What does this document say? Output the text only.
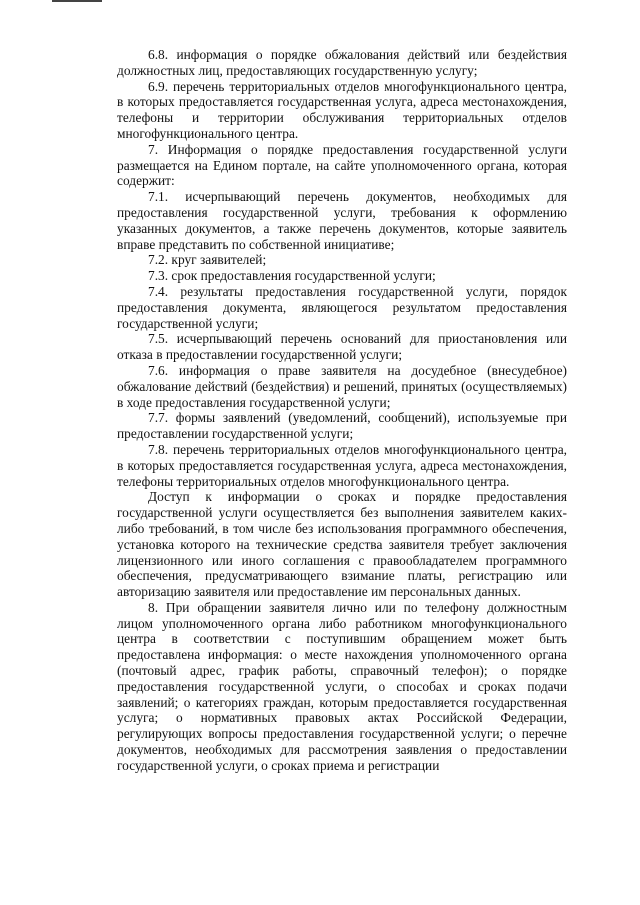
6.8. информация о порядке обжалования действий или бездействия должностных лиц, предоставляющих государственную услугу;

6.9. перечень территориальных отделов многофункционального центра, в которых предоставляется государственная услуга, адреса местонахождения, телефоны и территории обслуживания территориальных отделов многофункционального центра.

7. Информация о порядке предоставления государственной услуги размещается на Едином портале, на сайте уполномоченного органа, которая содержит:

7.1. исчерпывающий перечень документов, необходимых для предоставления государственной услуги, требования к оформлению указанных документов, а также перечень документов, которые заявитель вправе представить по собственной инициативе;

7.2. круг заявителей;

7.3. срок предоставления государственной услуги;

7.4. результаты предоставления государственной услуги, порядок предоставления документа, являющегося результатом предоставления государственной услуги;

7.5. исчерпывающий перечень оснований для приостановления или отказа в предоставлении государственной услуги;

7.6. информация о праве заявителя на досудебное (внесудебное) обжалование действий (бездействия) и решений, принятых (осуществляемых) в ходе предоставления государственной услуги;

7.7. формы заявлений (уведомлений, сообщений), используемые при предоставлении государственной услуги;

7.8. перечень территориальных отделов многофункционального центра, в которых предоставляется государственная услуга, адреса местонахождения, телефоны территориальных отделов многофункционального центра.

Доступ к информации о сроках и порядке предоставления государственной услуги осуществляется без выполнения заявителем каких-либо требований, в том числе без использования программного обеспечения, установка которого на технические средства заявителя требует заключения лицензионного или иного соглашения с правообладателем программного обеспечения, предусматривающего взимание платы, регистрацию или авторизацию заявителя или предоставление им персональных данных.

8. При обращении заявителя лично или по телефону должностным лицом уполномоченного органа либо работником многофункционального центра в соответствии с поступившим обращением может быть предоставлена информация: о месте нахождения уполномоченного органа (почтовый адрес, график работы, справочный телефон); о порядке предоставления государственной услуги, о способах и сроках подачи заявлений; о категориях граждан, которым предоставляется государственная услуга; о нормативных правовых актах Российской Федерации, регулирующих вопросы предоставления государственной услуги; о перечне документов, необходимых для рассмотрения заявления о предоставлении государственной услуги, о сроках приема и регистрации
